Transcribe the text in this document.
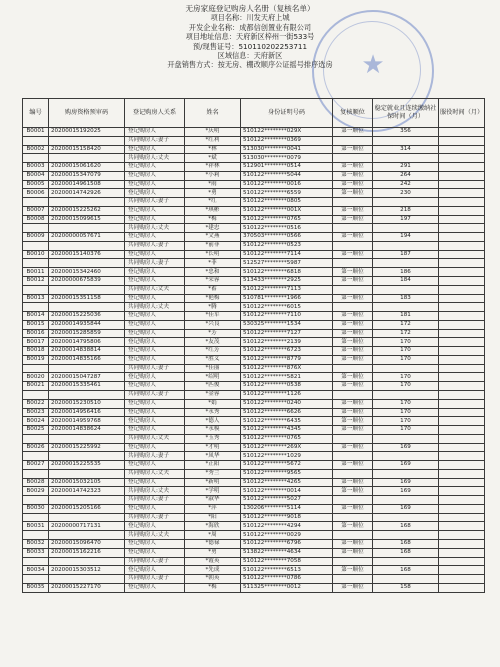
★
无房家庭登记购房人名册（复核名单）
项目名称：川发天府上城
开发企业名称：成都信创置业有限公司
项目地址信息：天府新区梓州一街533号
预/现售证号：510110202253711
区域信息：天府新区
开盘销售方式：按无房、棚改顺序公证摇号排序选房
编号	购房资格预审码	登记购房人关系	姓名	身份证明号码	复核顺位	稳定就业且连续缴纳社保时间（月）	服役时间（月）
B0001	20200015192025	登记购房人	*庆明	510122********029X	第一顺位	356	
		共同购房人:妻子	*红利	510122********0369			
B0002	20200015158420	登记购房人	*林	513030********0041	第一顺位	314	
		共同购房人:丈夫	*斌	513030********0079			
B0003	20200015061620	登记购房人	*祥林	512901********0514	第一顺位	291	
B0004	20200015347079	登记购房人	*小莉	510122********5044	第一顺位	264	
B0005	20200014961508	登记购房人	*雨	510122********0016	第一顺位	242	
B0006	20200014742926	登记购房人	*勇	510122********6559	第一顺位	230	
		共同购房人:妻子	*红	510122********0805			
B0007	20200015225262	登记购房人	*琪彬	510122********001X	第一顺位	218	
B0008	20200015099615	登记购房人	*梅	510122********0765	第一顺位	197	
		共同购房人:丈夫	*建忠	510122********0516			
B0009	20200000057671	登记购房人	*文燕	370503********0566	第一顺位	194	
		共同购房人:妻子	*前菲	510122********0523			
B0010	20200015140376	登记购房人	*长明	510122********7114	第一顺位	187	
		共同购房人:妻子	*菲	512527********5987			
B0011	20200015342460	登记购房人	*忠和	510122********6818	第一顺位	186	
B0012	20200000675839	登记购房人	*荣蓉	513433********2925	第一顺位	184	
		共同购房人:丈夫	*蓄	510122********7113			
B0013	20200015351158	登记购房人	*艳梅	510781********1966	第一顺位	183	
		共同购房人:丈夫	*腾	510122********6015			
B0014	20200015225036	登记购房人	*佳军	510122********7110	第一顺位	181	
B0015	20200014935844	登记购房人	*兴良	530325********1534	第一顺位	172	
B0016	20200015285859	登记购房人	*芳	510122********7127	第一顺位	172	
B0017	20200014795806	登记购房人	*友茂	510122********2139	第一顺位	170	
B0018	20200014838814	登记购房人	*红芳	510122********6723	第一顺位	170	
B0019	20200014835166	登记购房人	*胜义	510122********8779	第一顺位	170	
		共同购房人:妻子	*佳丽	510122********876X			
B0020	20200015047287	登记购房人	*绍明	510122********5821	第一顺位	170	
B0021	20200015335461	登记购房人	*匹俊	510122********0538	第一顺位	170	
		共同购房人:妻子	*金蓉	510122********1126			
B0022	20200015230510	登记购房人	*娟	510122********0240	第一顺位	170	
B0023	20200014956416	登记购房人	*永秀	510122********6626	第一顺位	170	
B0024	20200014959768	登记购房人	*德人	510122********6435	第一顺位	170	
B0025	20200014838624	登记购房人	*永模	510122********4345	第一顺位	170	
		共同购房人:丈夫	*玉秀	510122********0765			
B0026	20200015225992	登记购房人	*才明	510122********269X	第一顺位	169	
		共同购房人:妻子	*凤华	510122********1029			
B0027	20200015225535	登记购房人	*正阳	510122********5672	第一顺位	169	
		共同购房人:丈夫	*秀兰	510122********9565			
B0028	20200015032105	登记购房人	*新明	510122********4265	第一顺位	169	
B0029	20200014742323	共同购房人:丈夫	*学明	510122********0014	第一顺位	169	
		共同购房人:妻子	*淑华	510122********5027			
B0030	20200015205166	登记购房人	*萍	130206********5114	第一顺位	169	
		共同购房人:妻子	*阳	510122********9018			
B0031	20200000717131	登记购房人	*海欣	510122********4294	第一顺位	168	
		共同购房人:丈夫	*周	510122********0029			
B0032	20200015096470	登记购房人	*德禄	510122********6796	第一顺位	168	
B0033	20200015162216	登记购房人	*勇	513822********4634	第一顺位	168	
		共同购房人:妻子	*霞英	510122********7058			
B0034	20200015303512	登记购房人	*先成	510122********6513	第一顺位	168	
		共同购房人:妻子	*朝英	510122********0786			
B0035	20200015227170	登记购房人	*梅	511325********0012	第一顺位	158	
